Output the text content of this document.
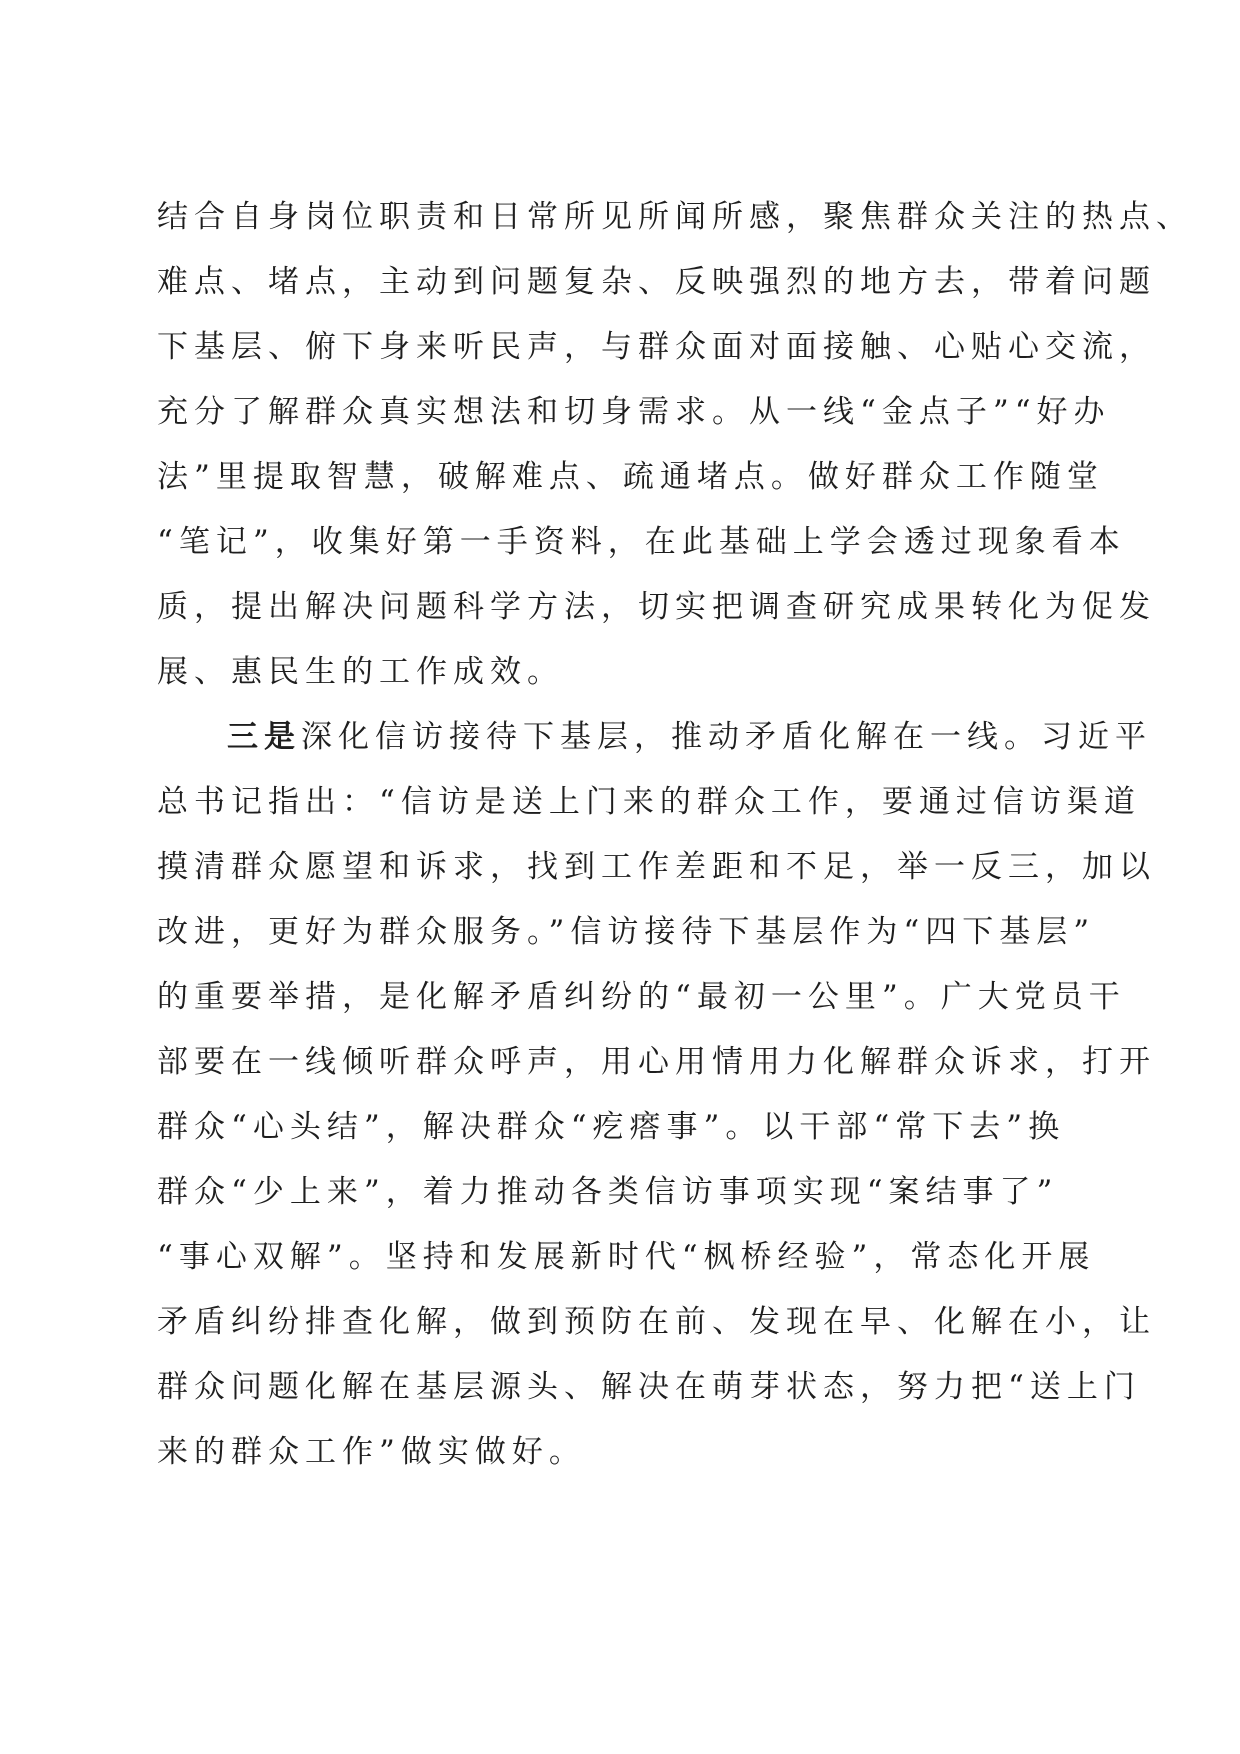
结合自身岗位职责和日常所见所闻所感，聚焦群众关注的热点、
难点、堵点，主动到问题复杂、反映强烈的地方去，带着问题
下基层、俯下身来听民声，与群众面对面接触、心贴心交流，
充分了解群众真实想法和切身需求。从一线“金点子”“好办
法”里提取智慧，破解难点、疏通堵点。做好群众工作随堂
“笔记”，收集好第一手资料，在此基础上学会透过现象看本
质，提出解决问题科学方法，切实把调查研究成果转化为促发
展、惠民生的工作成效。
三是深化信访接待下基层，推动矛盾化解在一线。习近平
总书记指出：“信访是送上门来的群众工作，要通过信访渠道
摸清群众愿望和诉求，找到工作差距和不足，举一反三，加以
改进，更好为群众服务。”信访接待下基层作为“四下基层”
的重要举措，是化解矛盾纠纷的“最初一公里”。广大党员干
部要在一线倾听群众呼声，用心用情用力化解群众诉求，打开
群众“心头结”，解决群众“疙瘩事”。以干部“常下去”换
群众“少上来”，着力推动各类信访事项实现“案结事了”
“事心双解”。坚持和发展新时代“枫桥经验”，常态化开展
矛盾纠纷排查化解，做到预防在前、发现在早、化解在小，让
群众问题化解在基层源头、解决在萌芽状态，努力把“送上门
来的群众工作”做实做好。
